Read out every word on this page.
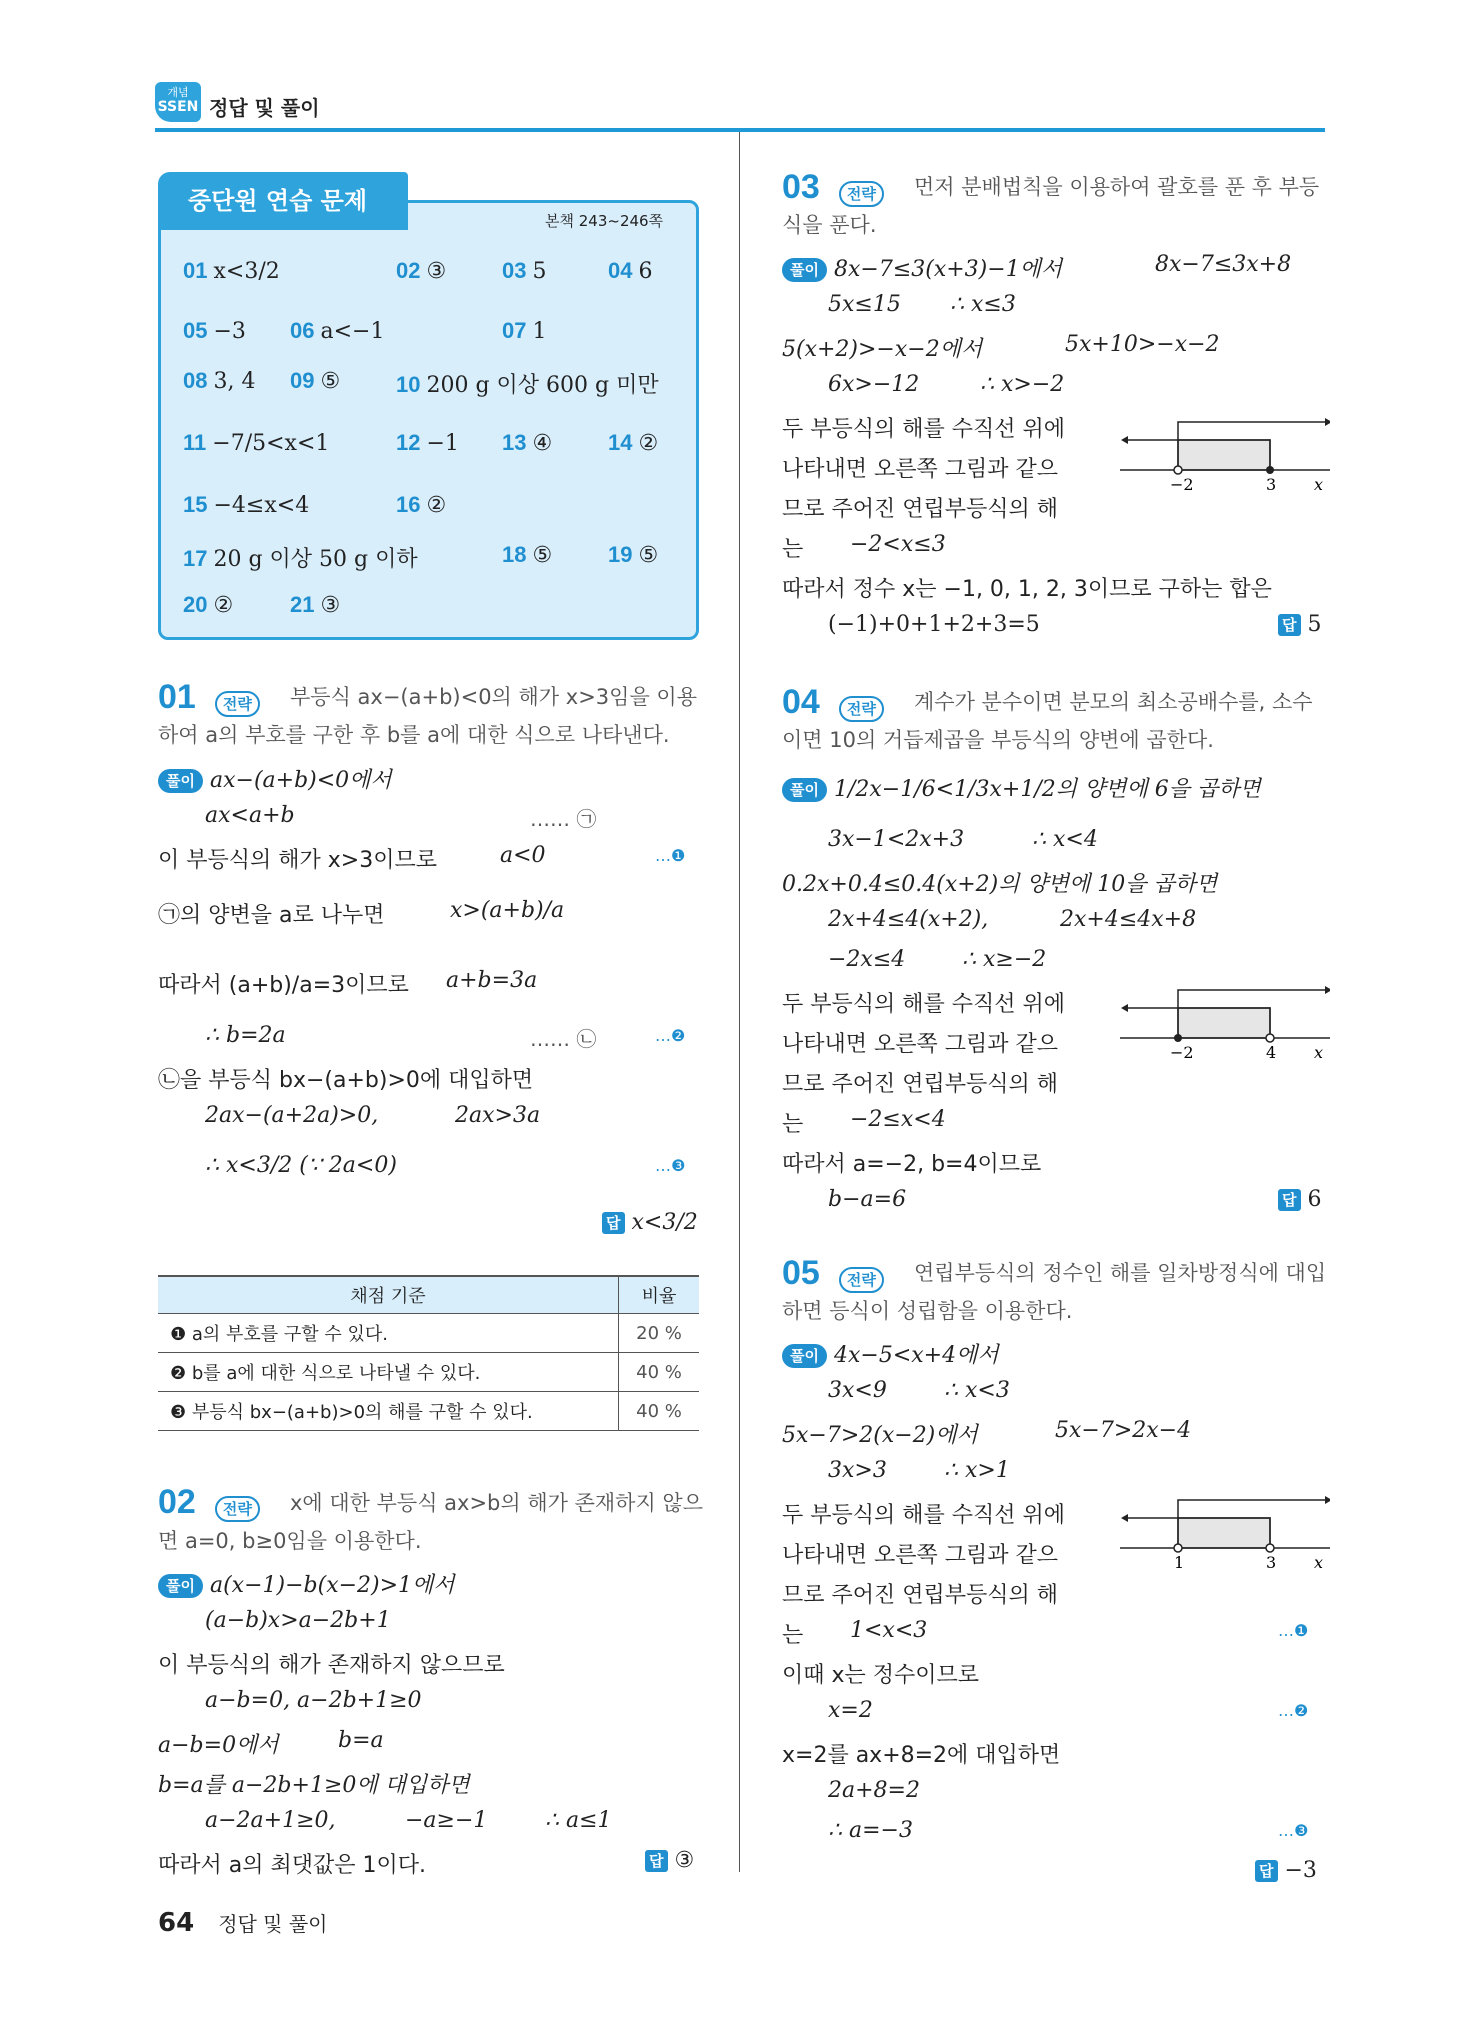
개념
SSEN 정답 및 풀이
중단원 연습 문제
본책 243~246쪽
01 x<3/2	02 ③	03 5	04 6
05 −3 06 a<−1	07 1
08 3, 4 09 ⑤	10 200 g 이상 600 g 미만
11 −7/5<x<1	12 −1 13 ④	14 ②
15 −4≤x<4	16 ②
17 20 g 이상 50 g 이하	18 ⑤	19 ⑤
20 ②	21 ③
01 전략	부등식 ax−(a+b)<0의 해가 x>3임을 이용하여 a의 부호를 구한 후 b를 a에 대한 식으로 나타낸다.
풀이 ax−(a+b)<0에서
ax<a+b	…… ㉠
이 부등식의 해가 x>3이므로	a<0	…❶
㉠의 양변을 a로 나누면	x>(a+b)/a
따라서 (a+b)/a=3이므로 a+b=3a
∴ b=2a	…… ㉡	…❷
㉡을 부등식 bx−(a+b)>0에 대입하면
2ax−(a+2a)>0,	2ax>3a
∴ x<3/2 (∵ 2a<0)	…❸
답 x<3/2
채점 기준	비율
❶ a의 부호를 구할 수 있다.	20 %
❷ b를 a에 대한 식으로 나타낼 수 있다.	40 %
❸ 부등식 bx−(a+b)>0의 해를 구할 수 있다.	40 %
02 전략	x에 대한 부등식 ax>b의 해가 존재하지 않으면 a=0, b≥0임을 이용한다.
풀이 a(x−1)−b(x−2)>1에서
(a−b)x>a−2b+1
이 부등식의 해가 존재하지 않으므로
a−b=0, a−2b+1≥0
a−b=0에서	b=a
b=a를 a−2b+1≥0에 대입하면
a−2a+1≥0,	−a≥−1	∴ a≤1
따라서 a의 최댓값은 1이다.	답 ③
03 전략	먼저 분배법칙을 이용하여 괄호를 푼 후 부등식을 푼다.
풀이 8x−7≤3(x+3)−1에서	8x−7≤3x+8
5x≤15 ∴ x≤3
5(x+2)>−x−2에서	5x+10>−x−2
6x>−12	∴ x>−2
두 부등식의 해를 수직선 위에
나타내면 오른쪽 그림과 같으
므로 주어진 연립부등식의 해
는 −2<x≤3
따라서 정수 x는 −1, 0, 1, 2, 3이므로 구하는 합은
(−1)+0+1+2+3=5	답 5
−2	3 x
04 전략	계수가 분수이면 분모의 최소공배수를, 소수이면 10의 거듭제곱을 부등식의 양변에 곱한다.
풀이 1/2x−1/6<1/3x+1/2의 양변에 6을 곱하면
3x−1<2x+3	∴ x<4
0.2x+0.4≤0.4(x+2)의 양변에 10을 곱하면
2x+4≤4(x+2),	2x+4≤4x+8
−2x≤4	∴ x≥−2
두 부등식의 해를 수직선 위에
나타내면 오른쪽 그림과 같으
므로 주어진 연립부등식의 해
는 −2≤x<4
따라서 a=−2, b=4이므로
b−a=6	답 6
−2	4 x
05 전략	연립부등식의 정수인 해를 일차방정식에 대입하면 등식이 성립함을 이용한다.
풀이 4x−5<x+4에서
3x<9	∴ x<3
5x−7>2(x−2)에서	5x−7>2x−4
3x>3	∴ x>1
두 부등식의 해를 수직선 위에
나타내면 오른쪽 그림과 같으
므로 주어진 연립부등식의 해
는 1<x<3	…❶
이때 x는 정수이므로
x=2	…❷
x=2를 ax+8=2에 대입하면
2a+8=2
∴ a=−3	…❸
답 −3
1	3 x
64 정답 및 풀이
